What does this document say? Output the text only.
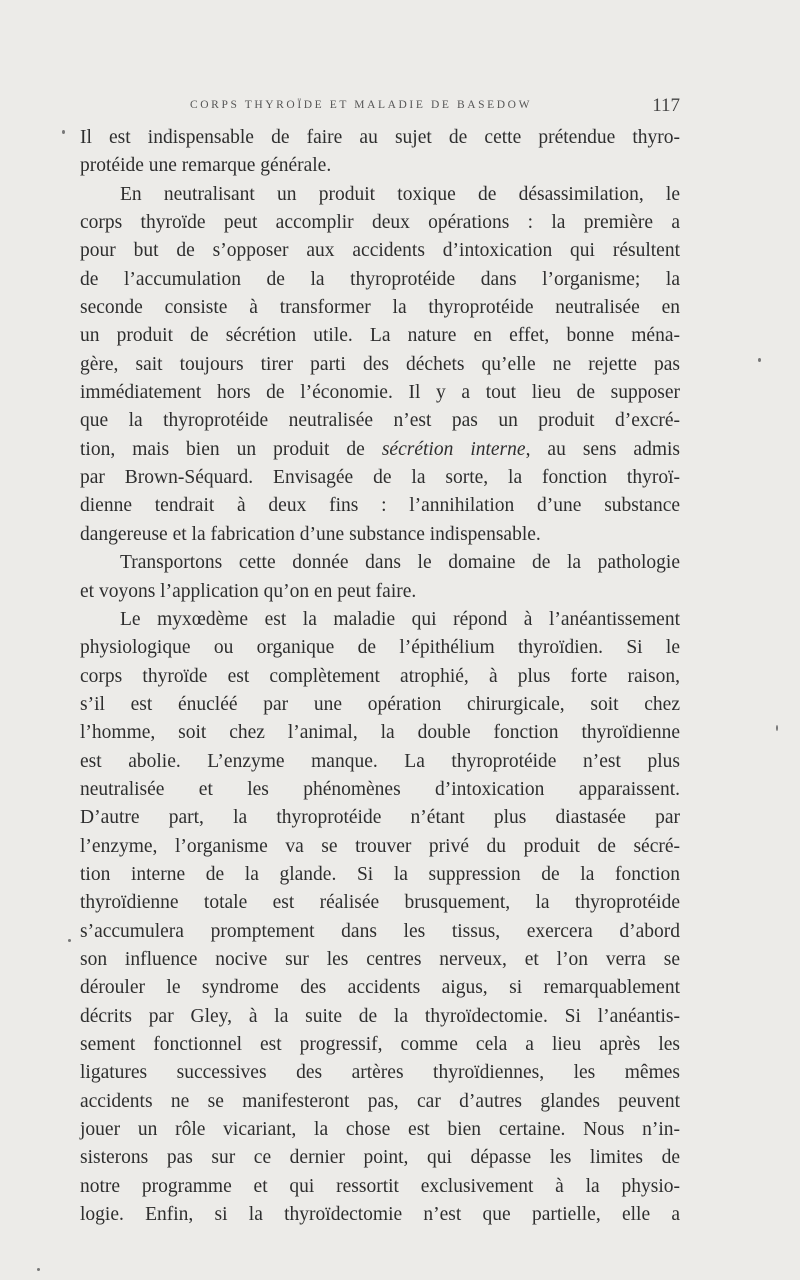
CORPS THYROÏDE ET MALADIE DE BASEDOW	117
Il est indispensable de faire au sujet de cette prétendue thyro-
protéide une remarque générale.
En neutralisant un produit toxique de désassimilation, le
corps thyroïde peut accomplir deux opérations : la première a
pour but de s’opposer aux accidents d’intoxication qui résultent
de l’accumulation de la thyroprotéide dans l’organisme; la
seconde consiste à transformer la thyroprotéide neutralisée en
un produit de sécrétion utile. La nature en effet, bonne ména-
gère, sait toujours tirer parti des déchets qu’elle ne rejette pas
immédiatement hors de l’économie. Il y a tout lieu de supposer
que la thyroprotéide neutralisée n’est pas un produit d’excré-
tion, mais bien un produit de sécrétion interne, au sens admis
par Brown-Séquard. Envisagée de la sorte, la fonction thyroï-
dienne tendrait à deux fins : l’annihilation d’une substance
dangereuse et la fabrication d’une substance indispensable.
Transportons cette donnée dans le domaine de la pathologie
et voyons l’application qu’on en peut faire.
Le myxœdème est la maladie qui répond à l’anéantissement
physiologique ou organique de l’épithélium thyroïdien. Si le
corps thyroïde est complètement atrophié, à plus forte raison,
s’il est énucléé par une opération chirurgicale, soit chez
l’homme, soit chez l’animal, la double fonction thyroïdienne
est abolie. L’enzyme manque. La thyroprotéide n’est plus
neutralisée et les phénomènes d’intoxication apparaissent.
D’autre part, la thyroprotéide n’étant plus diastasée par
l’enzyme, l’organisme va se trouver privé du produit de sécré-
tion interne de la glande. Si la suppression de la fonction
thyroïdienne totale est réalisée brusquement, la thyroprotéide
s’accumulera promptement dans les tissus, exercera d’abord
son influence nocive sur les centres nerveux, et l’on verra se
dérouler le syndrome des accidents aigus, si remarquablement
décrits par Gley, à la suite de la thyroïdectomie. Si l’anéantis-
sement fonctionnel est progressif, comme cela a lieu après les
ligatures successives des artères thyroïdiennes, les mêmes
accidents ne se manifesteront pas, car d’autres glandes peuvent
jouer un rôle vicariant, la chose est bien certaine. Nous n’in-
sisterons pas sur ce dernier point, qui dépasse les limites de
notre programme et qui ressortit exclusivement à la physio-
logie. Enfin, si la thyroïdectomie n’est que partielle, elle a
